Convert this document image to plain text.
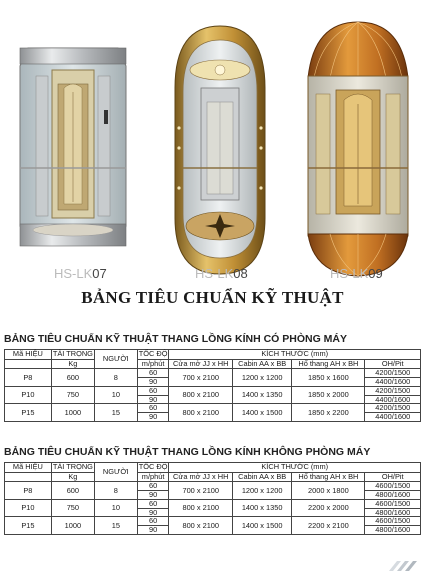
HS-LK07	HS-LK08	HS-LK09
BẢNG TIÊU CHUẨN KỸ THUẬT
BẢNG TIÊU CHUẨN KỸ THUẬT THANG LỒNG KÍNH CÓ PHÒNG MÁY
Mã HIỆU	TẢI TRỌNG	NGƯỜI	TỐC ĐỘ	KÍCH THƯỚC (mm)			
	Kg		m/phút	Cửa mở JJ x HH	Cabin AA x BB	Hố thang AH x BH	OH/Pit
P8	600	8	60	700 x 2100	1200 x 1200	1850 x 1600	4200/1500
			90				4400/1600
P10	750	10	60	800 x 2100	1400 x 1350	1850 x 2000	4200/1500
			90				4400/1600
P15	1000	15	60	800 x 2100	1400 x 1500	1850 x 2200	4200/1500
			90				4400/1600
BẢNG TIÊU CHUẨN KỸ THUẬT THANG LỒNG KÍNH KHÔNG PHÒNG MÁY
Mã HIỆU	TẢI TRỌNG	NGƯỜI	TỐC ĐỘ	KÍCH THƯỚC (mm)			
	Kg		m/phút	Cửa mở JJ x HH	Cabin AA x BB	Hố thang AH x BH	OH/Pit
P8	600	8	60	700 x 2100	1200 x 1200	2000 x 1800	4600/1500
			90				4800/1600
P10	750	10	60	800 x 2100	1400 x 1350	2200 x 2000	4600/1500
			90				4800/1600
P15	1000	15	60	800 x 2100	1400 x 1500	2200 x 2100	4600/1500
			90				4800/1600
